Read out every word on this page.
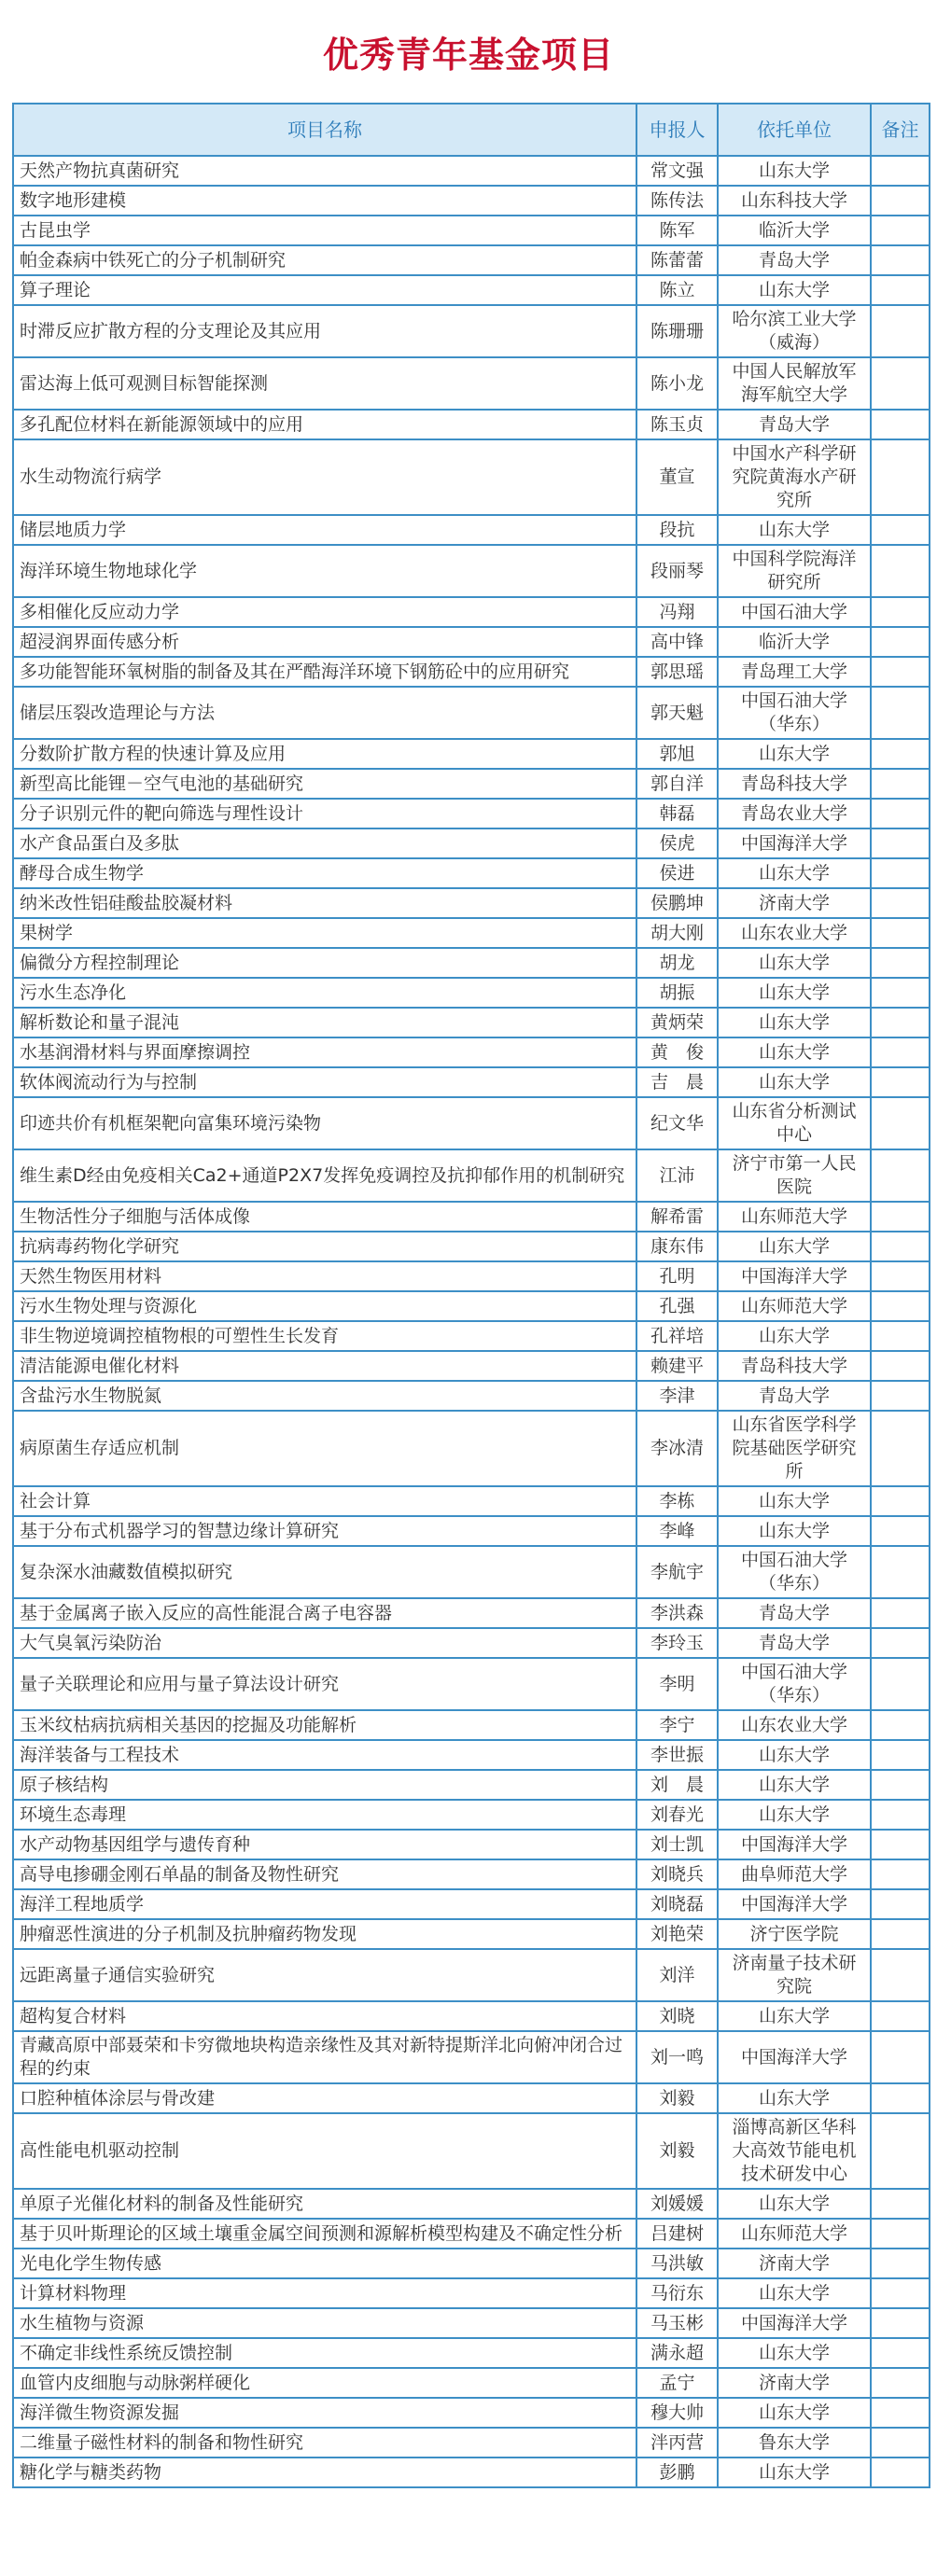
优秀青年基金项目
项目名称	申报人	依托单位	备注
天然产物抗真菌研究	常文强	山东大学	
数字地形建模	陈传法	山东科技大学	
古昆虫学	陈军	临沂大学	
帕金森病中铁死亡的分子机制研究	陈蕾蕾	青岛大学	
算子理论	陈立	山东大学	
时滞反应扩散方程的分支理论及其应用	陈珊珊	哈尔滨工业大学（威海）	
雷达海上低可观测目标智能探测	陈小龙	中国人民解放军海军航空大学	
多孔配位材料在新能源领域中的应用	陈玉贞	青岛大学	
水生动物流行病学	董宣	中国水产科学研究院黄海水产研究所	
储层地质力学	段抗	山东大学	
海洋环境生物地球化学	段丽琴	中国科学院海洋研究所	
多相催化反应动力学	冯翔	中国石油大学	
超浸润界面传感分析	高中锋	临沂大学	
多功能智能环氧树脂的制备及其在严酷海洋环境下钢筋砼中的应用研究	郭思瑶	青岛理工大学	
储层压裂改造理论与方法	郭天魁	中国石油大学（华东）	
分数阶扩散方程的快速计算及应用	郭旭	山东大学	
新型高比能锂－空气电池的基础研究	郭自洋	青岛科技大学	
分子识别元件的靶向筛选与理性设计	韩磊	青岛农业大学	
水产食品蛋白及多肽	侯虎	中国海洋大学	
酵母合成生物学	侯进	山东大学	
纳米改性铝硅酸盐胶凝材料	侯鹏坤	济南大学	
果树学	胡大刚	山东农业大学	
偏微分方程控制理论	胡龙	山东大学	
污水生态净化	胡振	山东大学	
解析数论和量子混沌	黄炳荣	山东大学	
水基润滑材料与界面摩擦调控	黄　俊	山东大学	
软体阀流动行为与控制	吉　晨	山东大学	
印迹共价有机框架靶向富集环境污染物	纪文华	山东省分析测试中心	
维生素D经由免疫相关Ca2+通道P2X7发挥免疫调控及抗抑郁作用的机制研究	江沛	济宁市第一人民医院	
生物活性分子细胞与活体成像	解希雷	山东师范大学	
抗病毒药物化学研究	康东伟	山东大学	
天然生物医用材料	孔明	中国海洋大学	
污水生物处理与资源化	孔强	山东师范大学	
非生物逆境调控植物根的可塑性生长发育	孔祥培	山东大学	
清洁能源电催化材料	赖建平	青岛科技大学	
含盐污水生物脱氮	李津	青岛大学	
病原菌生存适应机制	李冰清	山东省医学科学院基础医学研究所	
社会计算	李栋	山东大学	
基于分布式机器学习的智慧边缘计算研究	李峰	山东大学	
复杂深水油藏数值模拟研究	李航宇	中国石油大学（华东）	
基于金属离子嵌入反应的高性能混合离子电容器	李洪森	青岛大学	
大气臭氧污染防治	李玲玉	青岛大学	
量子关联理论和应用与量子算法设计研究	李明	中国石油大学（华东）	
玉米纹枯病抗病相关基因的挖掘及功能解析	李宁	山东农业大学	
海洋装备与工程技术	李世振	山东大学	
原子核结构	刘　晨	山东大学	
环境生态毒理	刘春光	山东大学	
水产动物基因组学与遗传育种	刘士凯	中国海洋大学	
高导电掺硼金刚石单晶的制备及物性研究	刘晓兵	曲阜师范大学	
海洋工程地质学	刘晓磊	中国海洋大学	
肿瘤恶性演进的分子机制及抗肿瘤药物发现	刘艳荣	济宁医学院	
远距离量子通信实验研究	刘洋	济南量子技术研究院	
超构复合材料	刘晓	山东大学	
青藏高原中部聂荣和卡穷微地块构造亲缘性及其对新特提斯洋北向俯冲闭合过程的约束	刘一鸣	中国海洋大学	
口腔种植体涂层与骨改建	刘毅	山东大学	
高性能电机驱动控制	刘毅	淄博高新区华科大高效节能电机技术研发中心	
单原子光催化材料的制备及性能研究	刘媛媛	山东大学	
基于贝叶斯理论的区域土壤重金属空间预测和源解析模型构建及不确定性分析	吕建树	山东师范大学	
光电化学生物传感	马洪敏	济南大学	
计算材料物理	马衍东	山东大学	
水生植物与资源	马玉彬	中国海洋大学	
不确定非线性系统反馈控制	满永超	山东大学	
血管内皮细胞与动脉粥样硬化	孟宁	济南大学	
海洋微生物资源发掘	穆大帅	山东大学	
二维量子磁性材料的制备和物性研究	泮丙营	鲁东大学	
糖化学与糖类药物	彭鹏	山东大学	
